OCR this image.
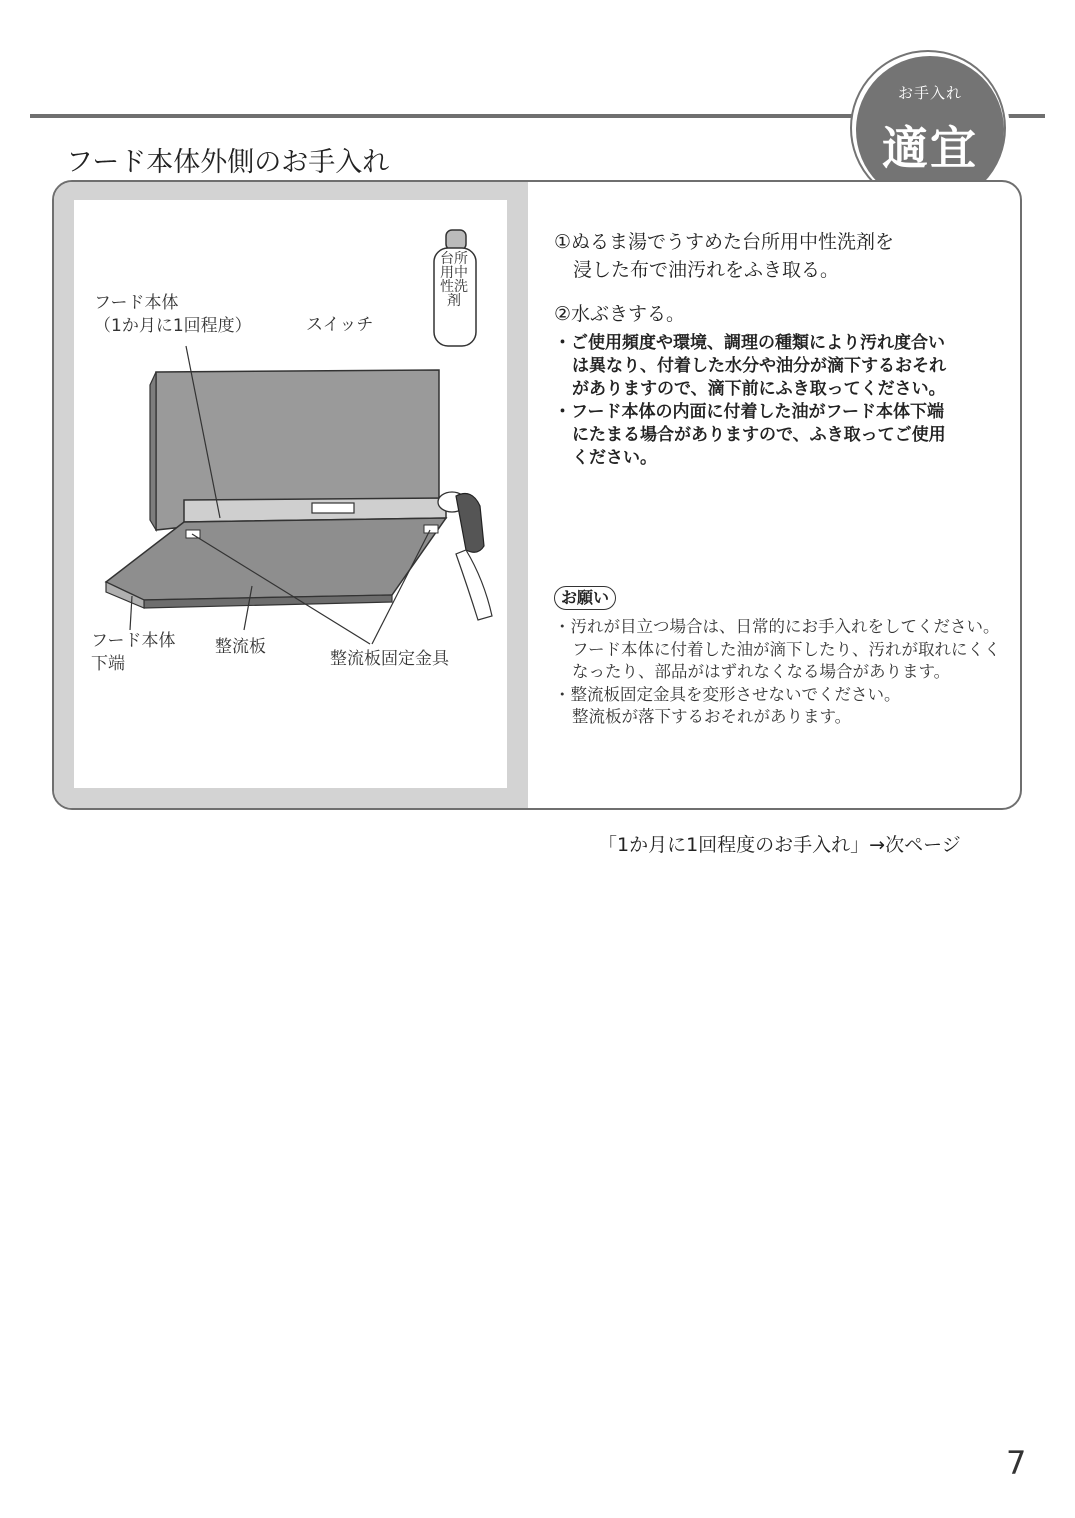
お手入れ
適宜
フード本体外側のお手入れ
フード本体
（1か月に1回程度）	スイッチ
フード本体
下端
整流板
整流板固定金具
台所用中性洗剤
①ぬるま湯でうすめた台所用中性洗剤を
　浸した布で油汚れをふき取る。
②水ぶきする。
・ご使用頻度や環境、調理の種類により汚れ度合い
は異なり、付着した水分や油分が滴下するおそれ
がありますので、滴下前にふき取ってください。
・フード本体の内面に付着した油がフード本体下端
にたまる場合がありますので、ふき取ってご使用
ください。
お願い
・汚れが目立つ場合は、日常的にお手入れをしてください。
フード本体に付着した油が滴下したり、汚れが取れにくく
なったり、部品がはずれなくなる場合があります。
・整流板固定金具を変形させないでください。
整流板が落下するおそれがあります。
「1か月に1回程度のお手入れ」→次ページ
7
